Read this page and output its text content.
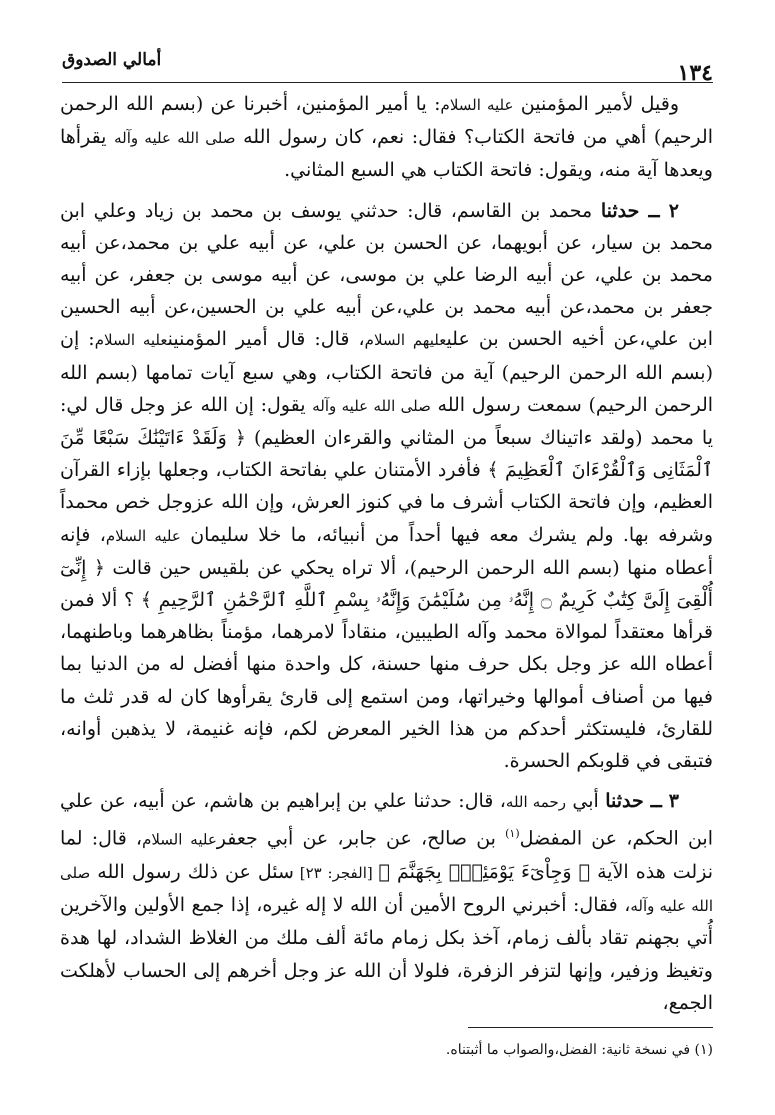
أمالي الصدوق	١٣٤

وقيل لأمير المؤمنين عليه السلام: يا أمير المؤمنين، أخبرنا عن (بسم الله الرحمن الرحيم) أهي من فاتحة الكتاب؟ فقال: نعم، كان رسول الله صلى الله عليه وآله يقرأها ويعدها آية منه، ويقول: فاتحة الكتاب هي السبع المثاني.

٢ ــ حدثنا محمد بن القاسم، قال: حدثني يوسف بن محمد بن زياد وعلي ابن محمد بن سيار، عن أبويهما، عن الحسن بن علي، عن أبيه علي بن محمد،عن أبيه محمد بن علي، عن أبيه الرضا علي بن موسى، عن أبيه موسى بن جعفر، عن أبيه جعفر بن محمد،عن أبيه محمد بن علي،عن أبيه علي بن الحسين،عن أبيه الحسين ابن علي،عن أخيه الحسن بن عليعليهم السلام، قال: قال أمير المؤمنينعليه السلام: إن (بسم الله الرحمن الرحيم) آية من فاتحة الكتاب، وهي سبع آيات تمامها (بسم الله الرحمن الرحيم) سمعت رسول الله صلى الله عليه وآله يقول: إن الله عز وجل قال لي: يا محمد (ولقد ءاتيناك سبعاً من المثاني والقرءان العظيم) ﴿ وَلَقَدْ ءَاتَيْنَٰكَ سَبْعًا مِّنَ ٱلْمَثَانِى وَٱلْقُرْءَانَ ٱلْعَظِيمَ ﴾ فأفرد الأمتنان علي بفاتحة الكتاب، وجعلها بإزاء القرآن العظيم، وإن فاتحة الكتاب أشرف ما في كنوز العرش، وإن الله عزوجل خص محمداً وشرفه بها. ولم يشرك معه فيها أحداً من أنبيائه، ما خلا سليمان عليه السلام، فإنه أعطاه منها (بسم الله الرحمن الرحيم)، ألا تراه يحكي عن بلقيس حين قالت ﴿ إِنِّىٓ أُلْقِىَ إِلَىَّ كِتَٰبٌ كَرِيمٌ ۝ إِنَّهُۥ مِن سُلَيْمَٰنَ وَإِنَّهُۥ بِسْمِ ٱللَّهِ ٱلرَّحْمَٰنِ ٱلرَّحِيمِ ﴾ ؟ ألا فمن قرأها معتقداً لموالاة محمد وآله الطيبين، منقاداً لامرهما، مؤمناً بظاهرهما وباطنهما، أعطاه الله عز وجل بكل حرف منها حسنة، كل واحدة منها أفضل له من الدنيا بما فيها من أصناف أموالها وخيراتها، ومن استمع إلى قارئ يقرأوها كان له قدر ثلث ما للقارئ، فليستكثر أحدكم من هذا الخير المعرض لكم، فإنه غنيمة، لا يذهبن أوانه، فتبقى في قلوبكم الحسرة.

٣ ــ حدثنا أبي رحمه الله، قال: حدثنا علي بن إبراهيم بن هاشم، عن أبيه، عن علي ابن الحكم، عن المفضل$^{(١)}$ بن صالح، عن جابر، عن أبي جعفرعليه السلام، قال: لما نزلت هذه الآية ﴿ وَجِاْىٓءَ يَوْمَئِذٍۭ بِجَهَنَّمَ ﴾ [الفجر: ٢٣] سئل عن ذلك رسول الله صلى الله عليه وآله، فقال: أخبرني الروح الأمين أن الله لا إله غيره، إذا جمع الأولين والآخرين أُتي بجهنم تقاد بألف زمام، آخذ بكل زمام مائة ألف ملك من الغلاظ الشداد، لها هدة وتغيظ وزفير، وإنها لتزفر الزفرة، فلولا أن الله عز وجل أخرهم إلى الحساب لأهلكت الجمع،

(١) في نسخة ثانية: الفضل،والصواب ما أثبتناه.
